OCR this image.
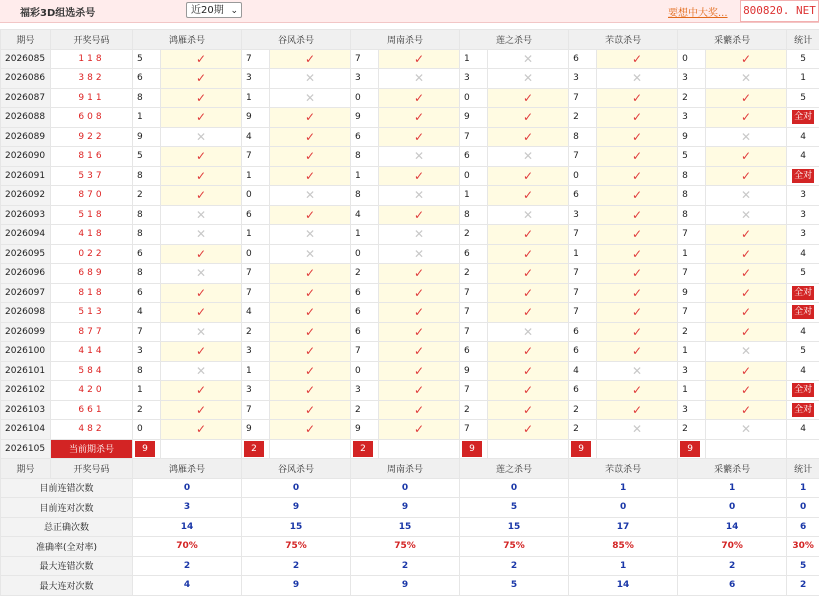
福彩3D组选杀号	近20期 ⌄	要想中大奖... 800820. NET
期号	开奖号码	鸿雁杀号		谷风杀号		周南杀号		莲之杀号		芣苡杀号		采蘩杀号		统计
2026085	118	5	✓	7	✓	7	✓	1	✕	6	✓	0	✓	5
2026086	382	6	✓	3	✕	3	✕	3	✕	3	✕	3	✕	1
2026087	911	8	✓	1	✕	0	✓	0	✓	7	✓	2	✓	5
2026088	608	1	✓	9	✓	9	✓	9	✓	2	✓	3	✓	全对
2026089	922	9	✕	4	✓	6	✓	7	✓	8	✓	9	✕	4
2026090	816	5	✓	7	✓	8	✕	6	✕	7	✓	5	✓	4
2026091	537	8	✓	1	✓	1	✓	0	✓	0	✓	8	✓	全对
2026092	870	2	✓	0	✕	8	✕	1	✓	6	✓	8	✕	3
2026093	518	8	✕	6	✓	4	✓	8	✕	3	✓	8	✕	3
2026094	418	8	✕	1	✕	1	✕	2	✓	7	✓	7	✓	3
2026095	022	6	✓	0	✕	0	✕	6	✓	1	✓	1	✓	4
2026096	689	8	✕	7	✓	2	✓	2	✓	7	✓	7	✓	5
2026097	818	6	✓	7	✓	6	✓	7	✓	7	✓	9	✓	全对
2026098	513	4	✓	4	✓	6	✓	7	✓	7	✓	7	✓	全对
2026099	877	7	✕	2	✓	6	✓	7	✕	6	✓	2	✓	4
2026100	414	3	✓	3	✓	7	✓	6	✓	6	✓	1	✕	5
2026101	584	8	✕	1	✓	0	✓	9	✓	4	✕	3	✓	4
2026102	420	1	✓	3	✓	3	✓	7	✓	6	✓	1	✓	全对
2026103	661	2	✓	7	✓	2	✓	2	✓	2	✓	3	✓	全对
2026104	482	0	✓	9	✓	9	✓	7	✓	2	✕	2	✕	4
2026105	当前期杀号	9		2		2		9		9		9		
期号	开奖号码	鸿雁杀号		谷风杀号		周南杀号		莲之杀号		芣苡杀号		采蘩杀号		统计
目前连错次数		0		0		0		0		1		1		1
目前连对次数		3		9		9		5		0		0		0
总正确次数		14		15		15		15		17		14		6
准确率(全对率)		70%		75%		75%		75%		85%		70%		30%
最大连错次数		2		2		2		2		1		2		5
最大连对次数		4		9		9		5		14		6		2
